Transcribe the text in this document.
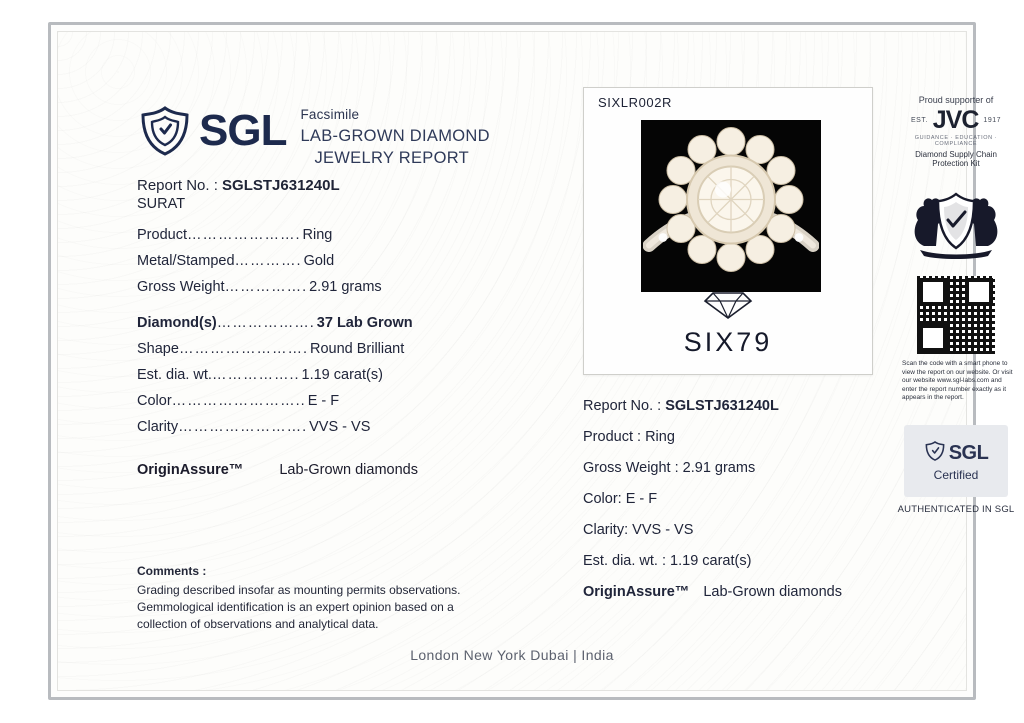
SGL Facsimile
LAB-GROWN DIAMOND
JEWELRY REPORT
Report No. : SGLSTJ631240L
SURAT
Product …………………. Ring
Metal/Stamped …………. Gold
Gross Weight ……………. 2.91 grams
Diamond(s) ………………. 37 Lab Grown
Shape ……………………. Round Brilliant
Est. dia. wt. …………….. 1.19 carat(s)
Color …………………….. E - F
Clarity ……………………. VVS - VS
OriginAssure™ Lab-Grown diamonds
Comments :
Grading described insofar as mounting permits observations.
Gemmological identification is an expert opinion based on a
collection of observations and analytical data.
SIXLR002R
SIX79
Report No. : SGLSTJ631240L
Product : Ring
Gross Weight : 2.91 grams
Color: E - F
Clarity: VVS - VS
Est. dia. wt. : 1.19 carat(s)
OriginAssure™ Lab-Grown diamonds
Proud supporter of
EST. JVC 1917
GUIDANCE · EDUCATION · COMPLIANCE
Diamond Supply Chain Protection Kit
Scan the code with a smart phone to view the report on our website. Or visit our website www.sgl-labs.com and enter the report number exactly as it appears in the report.
SGL
Certified
AUTHENTICATED IN SGL
London New York Dubai | India
